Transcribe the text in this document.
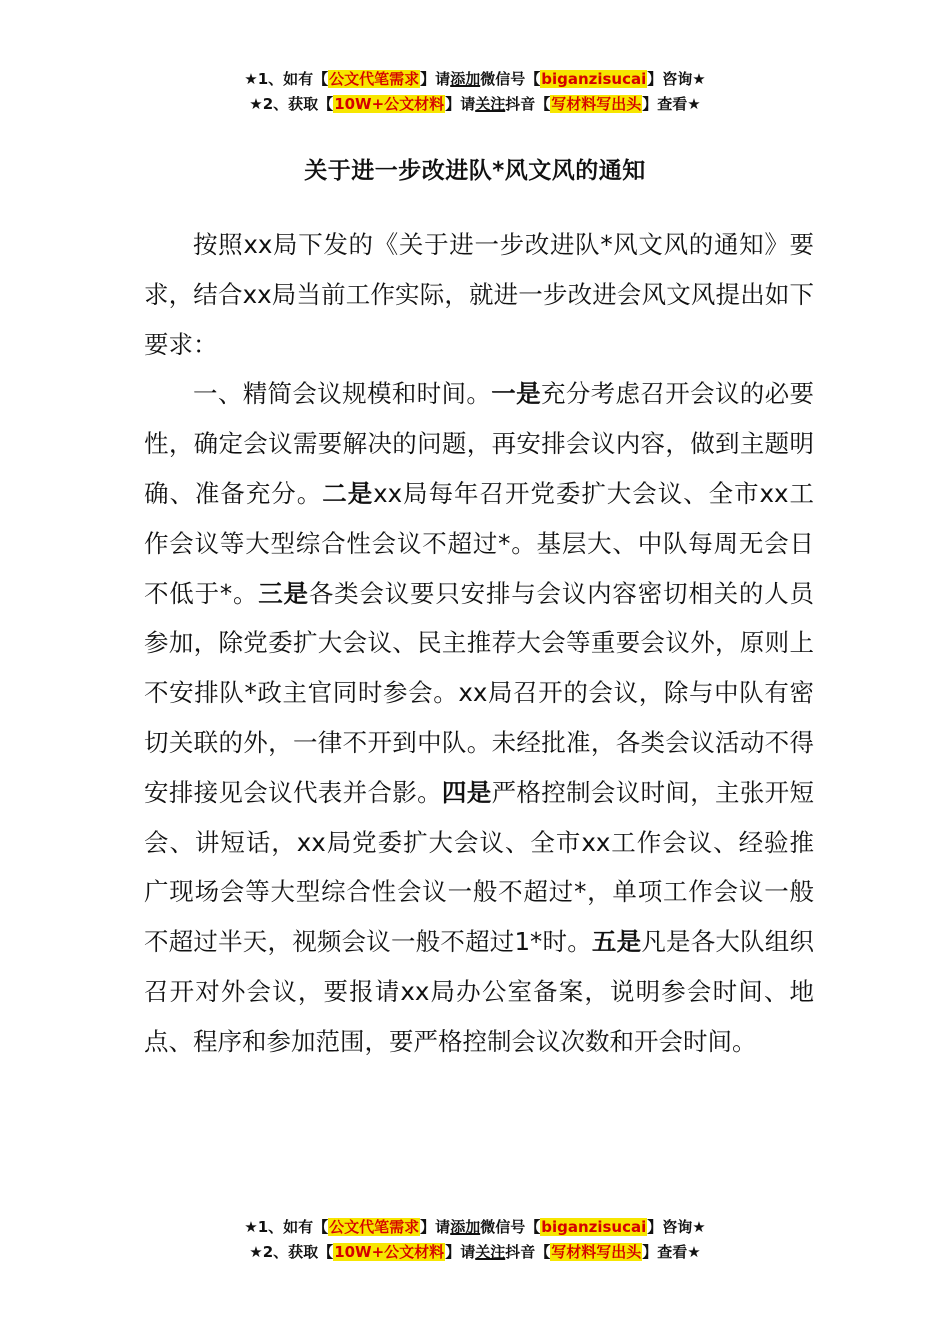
★1、如有【公文代笔需求】请添加微信号【biganzisucai】咨询★
★2、获取【10W+公文材料】请关注抖音【写材料写出头】查看★
关于进一步改进队*风文风的通知

按照xx局下发的《关于进一步改进队*风文风的通知》要求，结合xx局当前工作实际，就进一步改进会风文风提出如下要求：

一、精简会议规模和时间。一是充分考虑召开会议的必要性，确定会议需要解决的问题，再安排会议内容，做到主题明确、准备充分。二是xx局每年召开党委扩大会议、全市xx工作会议等大型综合性会议不超过*。基层大、中队每周无会日不低于*。三是各类会议要只安排与会议内容密切相关的人员参加，除党委扩大会议、民主推荐大会等重要会议外，原则上不安排队*政主官同时参会。xx局召开的会议，除与中队有密切关联的外，一律不开到中队。未经批准，各类会议活动不得安排接见会议代表并合影。四是严格控制会议时间，主张开短会、讲短话，xx局党委扩大会议、全市xx工作会议、经验推广现场会等大型综合性会议一般不超过*，单项工作会议一般不超过半天，视频会议一般不超过1*时。五是凡是各大队组织召开对外会议，要报请xx局办公室备案，说明参会时间、地点、程序和参加范围，要严格控制会议次数和开会时间。

★1、如有【公文代笔需求】请添加微信号【biganzisucai】咨询★
★2、获取【10W+公文材料】请关注抖音【写材料写出头】查看★
